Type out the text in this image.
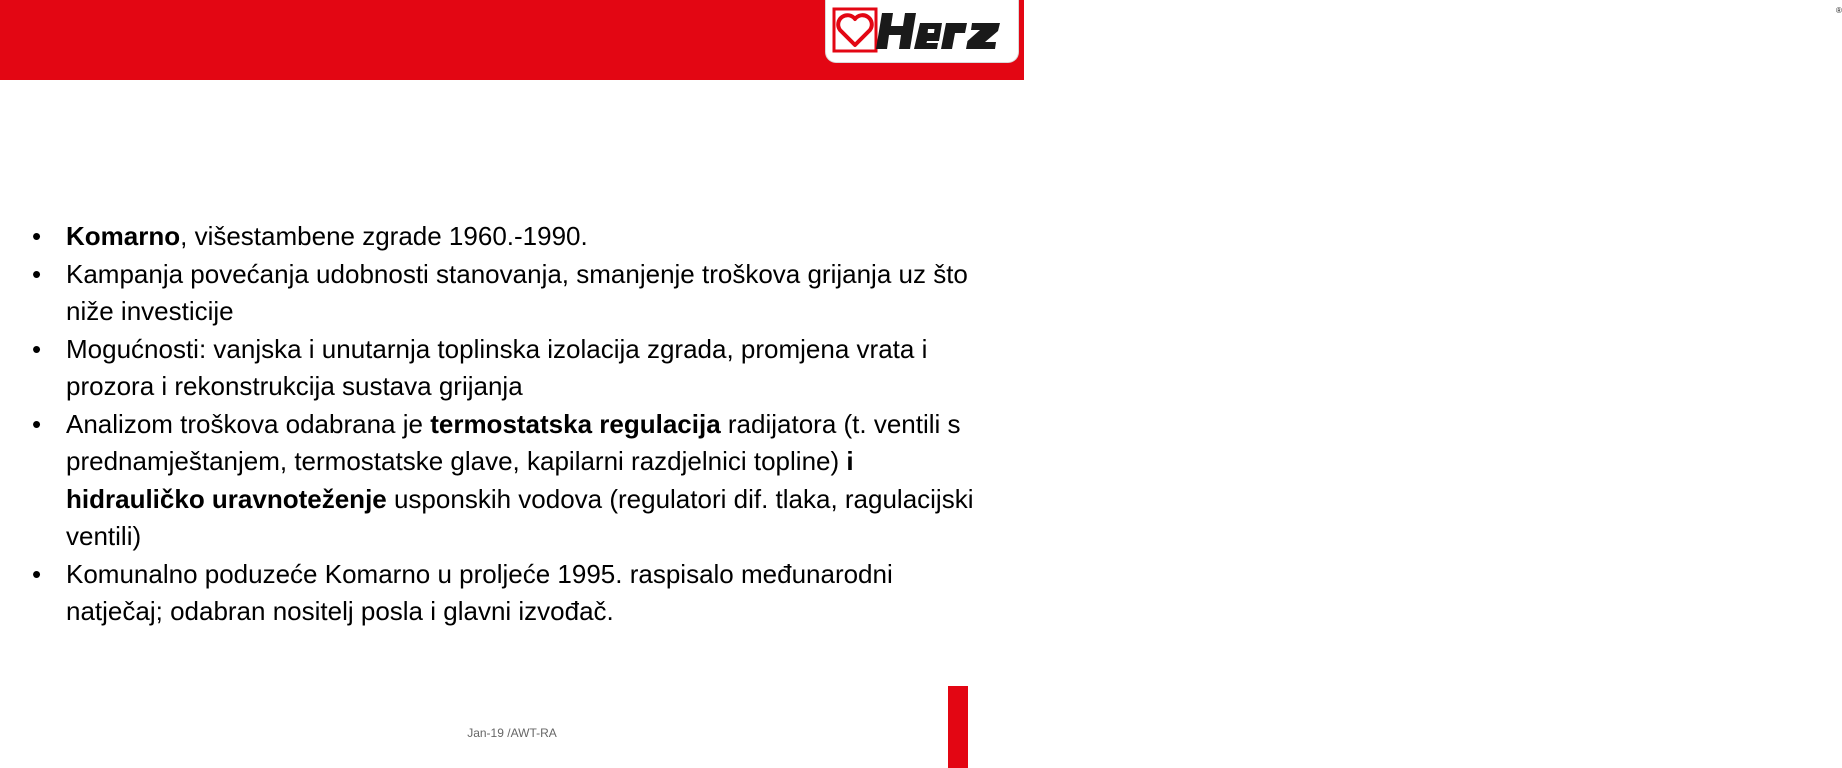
®
• Komarno, višestambene zgrade 1960.-1990.
• Kampanja povećanja udobnosti stanovanja, smanjenje troškova grijanja uz što niže investicije
• Mogućnosti: vanjska i unutarnja toplinska izolacija zgrada, promjena vrata i prozora i rekonstrukcija sustava grijanja
• Analizom troškova odabrana je termostatska regulacija radijatora (t. ventili s prednamještanjem, termostatske glave, kapilarni razdjelnici topline) i hidrauličko uravnoteženje usponskih vodova (regulatori dif. tlaka, ragulacijski ventili)
• Komunalno poduzeće Komarno u proljeće 1995. raspisalo međunarodni natječaj; odabran nositelj posla i glavni izvođač.
Jan-19 /AWT-RA
